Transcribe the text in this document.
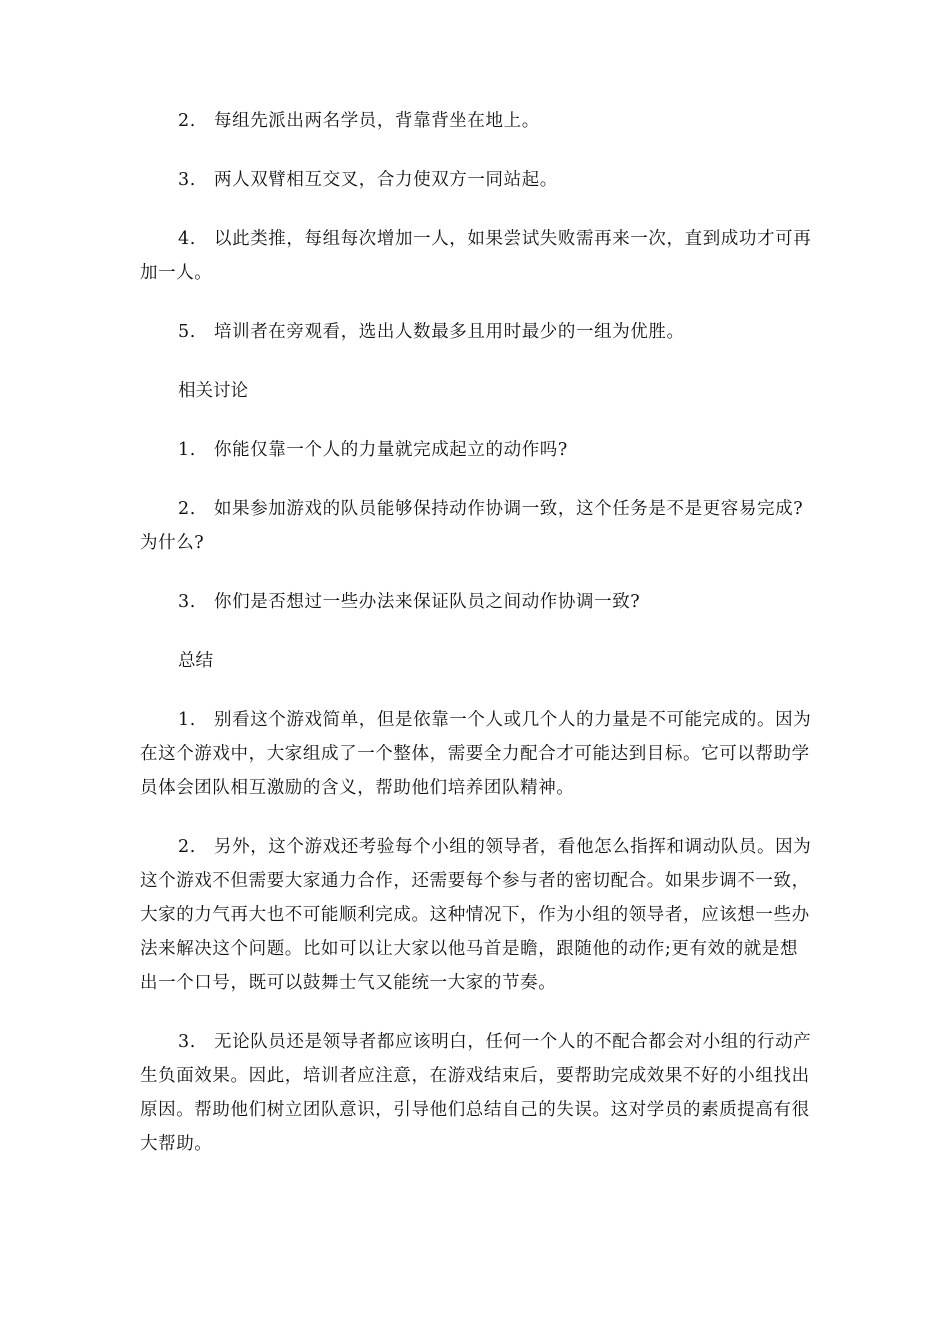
2. 每组先派出两名学员，背靠背坐在地上。

3. 两人双臂相互交叉，合力使双方一同站起。

4. 以此类推，每组每次增加一人，如果尝试失败需再来一次，直到成功才可再加一人。

5. 培训者在旁观看，选出人数最多且用时最少的一组为优胜。

相关讨论

1. 你能仅靠一个人的力量就完成起立的动作吗?

2. 如果参加游戏的队员能够保持动作协调一致，这个任务是不是更容易完成?为什么?

3. 你们是否想过一些办法来保证队员之间动作协调一致?

总结

1. 别看这个游戏简单，但是依靠一个人或几个人的力量是不可能完成的。因为在这个游戏中，大家组成了一个整体，需要全力配合才可能达到目标。它可以帮助学员体会团队相互激励的含义，帮助他们培养团队精神。

2. 另外，这个游戏还考验每个小组的领导者，看他怎么指挥和调动队员。因为这个游戏不但需要大家通力合作，还需要每个参与者的密切配合。如果步调不一致，大家的力气再大也不可能顺利完成。这种情况下，作为小组的领导者，应该想一些办法来解决这个问题。比如可以让大家以他马首是瞻，跟随他的动作;更有效的就是想出一个口号，既可以鼓舞士气又能统一大家的节奏。

3. 无论队员还是领导者都应该明白，任何一个人的不配合都会对小组的行动产生负面效果。因此，培训者应注意，在游戏结束后，要帮助完成效果不好的小组找出原因。帮助他们树立团队意识，引导他们总结自己的失误。这对学员的素质提高有很大帮助。
